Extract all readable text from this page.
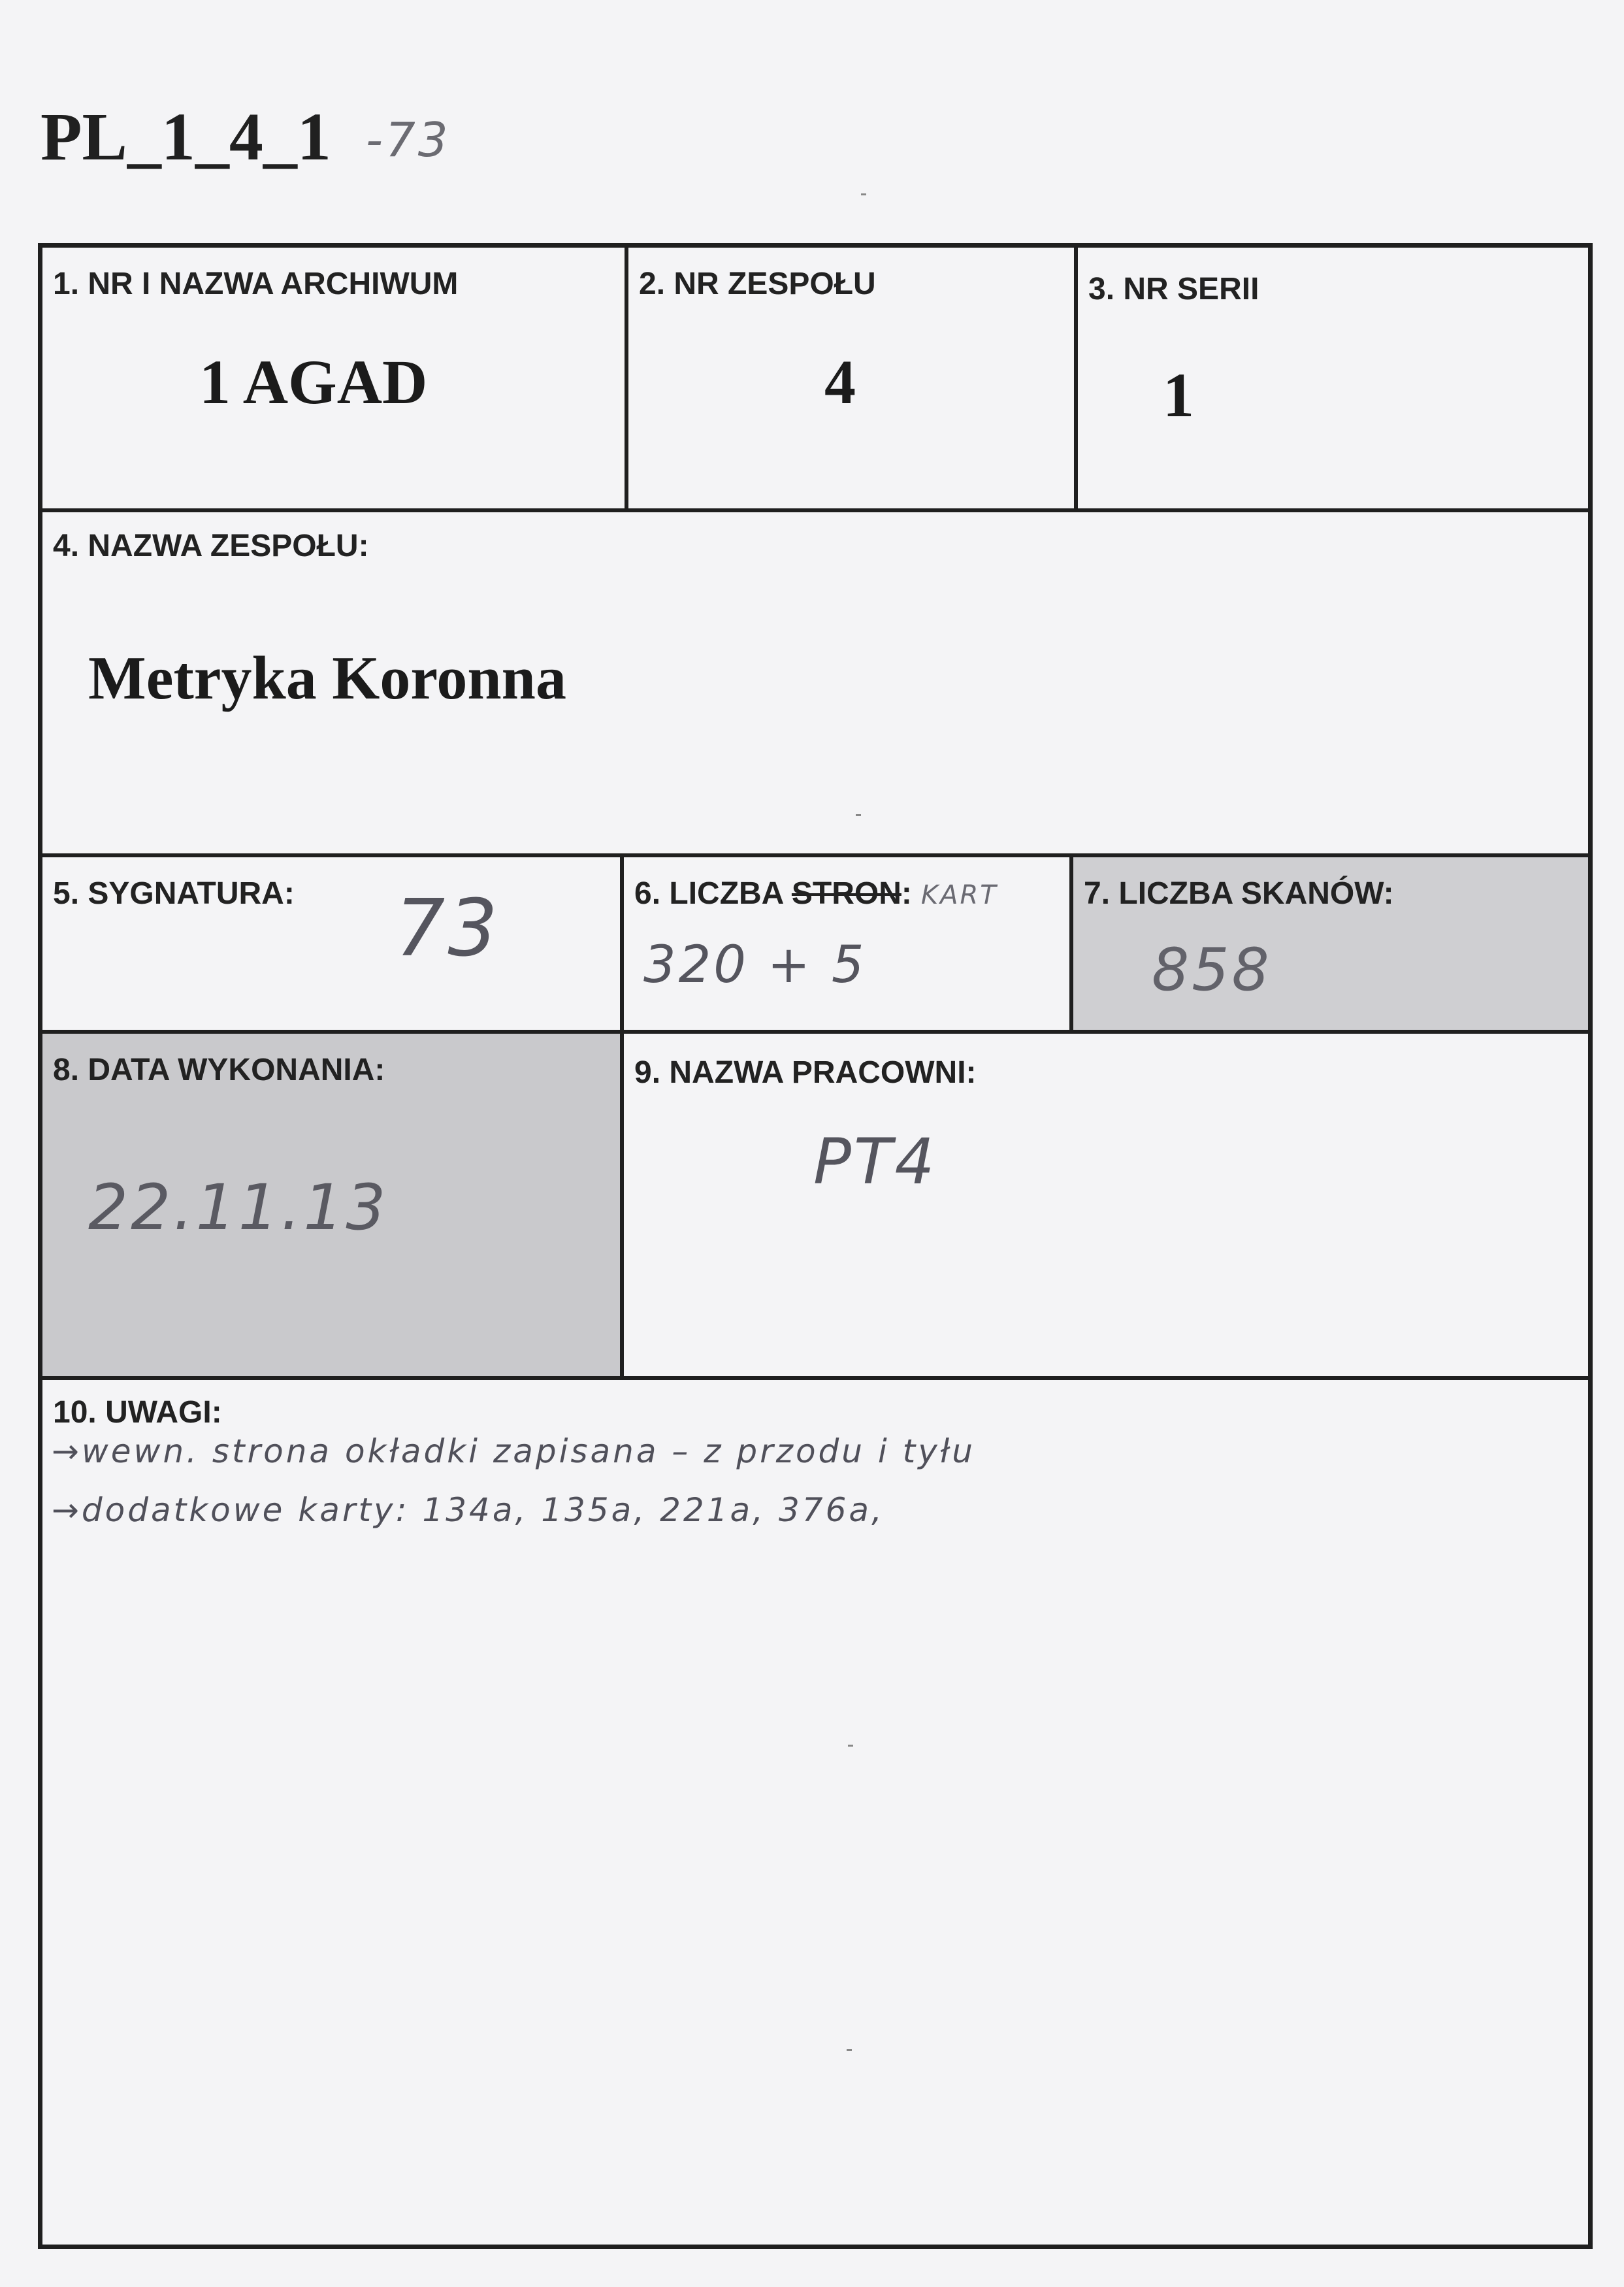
PL_1_4_1 -73
1. NR I NAZWA ARCHIWUM
1 AGAD
2. NR ZESPOŁU
4
3. NR SERII
1
4. NAZWA ZESPOŁU:
Metryka Koronna
5. SYGNATURA: 73	6. LICZBA STRON: KART
320 + 5
7. LICZBA SKANÓW:
858
8. DATA WYKONANIA:
22.11.13
9. NAZWA PRACOWNI:
PT4
10. UWAGI:
→wewn. strona okładki zapisana – z przodu i tyłu
→dodatkowe karty: 134a, 135a, 221a, 376a,
